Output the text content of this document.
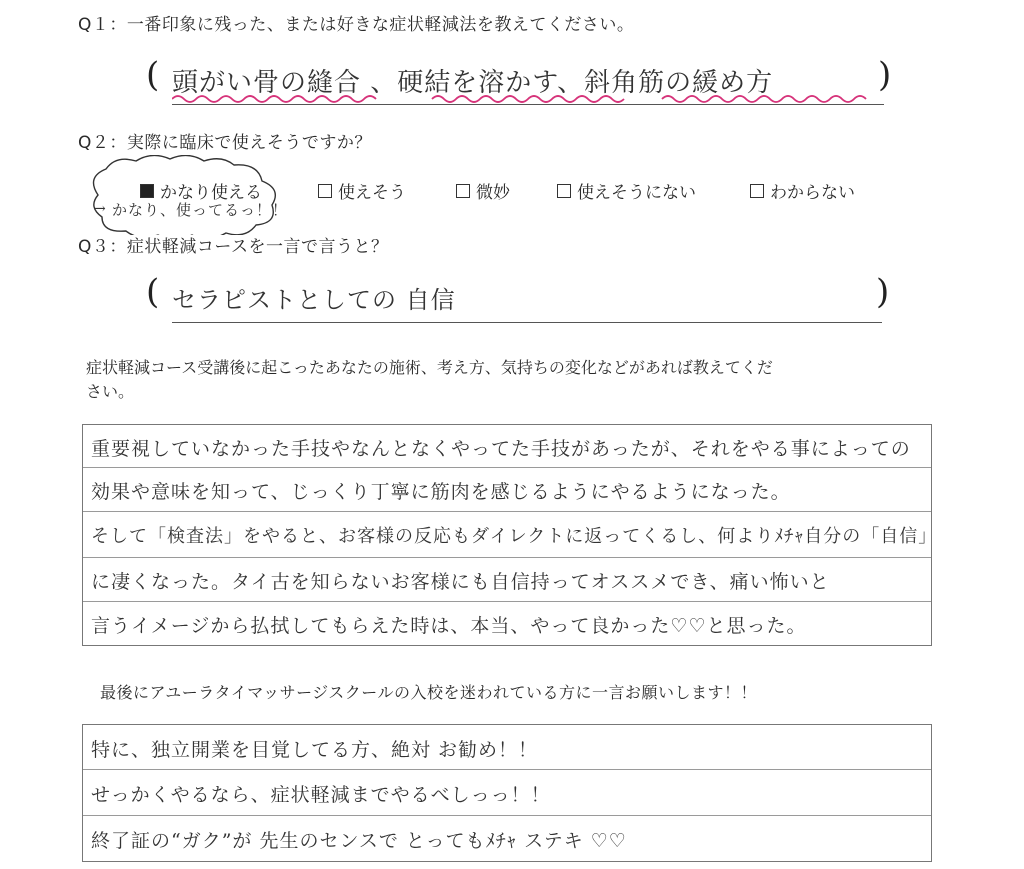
Q１：一番印象に残った、または好きな症状軽減法を教えてください。
( 頭がい骨の縫合 、硬結を溶かす、斜角筋の緩め方	)
Q２：実際に臨床で使えそうですか？
かなり使える	使えそう	微妙	使えそうにない	わからない
→ かなり、使ってるっ！！
Q３：症状軽減コースを一言で言うと？
( セラピストとしての 自信	)
症状軽減コース受講後に起こったあなたの施術、考え方、気持ちの変化などがあれば教えてくだ
さい。
重要視していなかった手技やなんとなくやってた手技があったが、それをやる事によっての
効果や意味を知って、じっくり丁寧に筋肉を感じるようにやるようになった。
そして「検査法」をやると、お客様の反応もダイレクトに返ってくるし、何よりﾒﾁｬ自分の「自信」
に凄くなった。タイ古を知らないお客様にも自信持ってオススメでき、痛い怖いと
言うイメージから払拭してもらえた時は、本当、やって良かった♡♡と思った。
最後にアユーラタイマッサージスクールの入校を迷われている方に一言お願いします！！
特に、独立開業を目覚してる方、絶対 お勧め！！
せっかくやるなら、症状軽減までやるべしっっ！！
終了証の“ガク”が 先生のセンスで とってもﾒﾁｬ ステキ ♡♡
